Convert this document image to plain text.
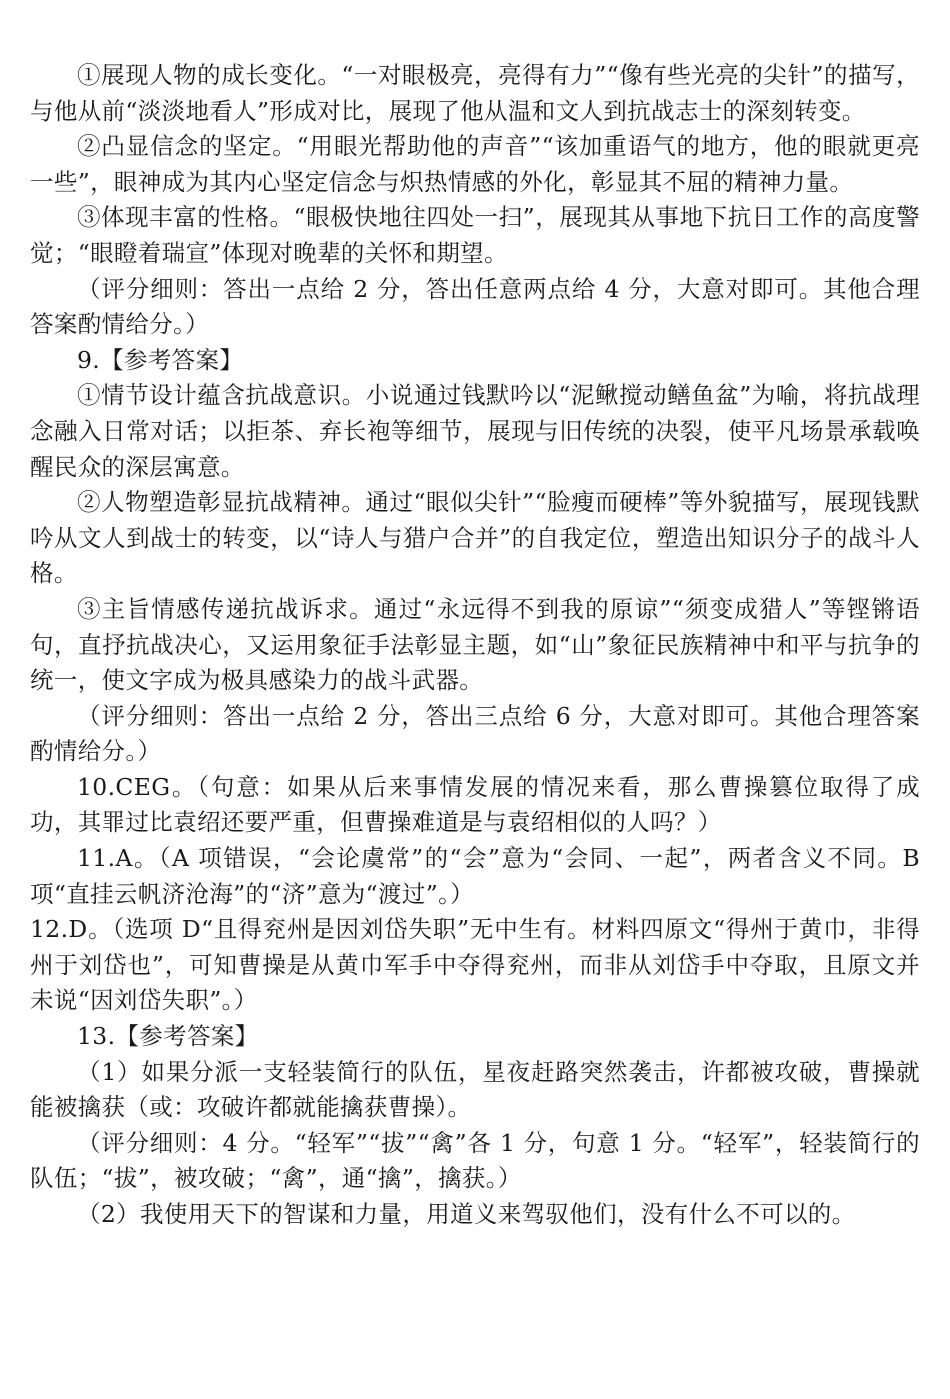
①展现人物的成长变化。“一对眼极亮，亮得有力”“像有些光亮的尖针”的描写，与他从前“淡淡地看人”形成对比，展现了他从温和文人到抗战志士的深刻转变。

②凸显信念的坚定。“用眼光帮助他的声音”“该加重语气的地方，他的眼就更亮一些”，眼神成为其内心坚定信念与炽热情感的外化，彰显其不屈的精神力量。

③体现丰富的性格。“眼极快地往四处一扫”，展现其从事地下抗日工作的高度警觉；“眼瞪着瑞宣”体现对晚辈的关怀和期望。

（评分细则：答出一点给 2 分，答出任意两点给 4 分，大意对即可。其他合理答案酌情给分。）

9.【参考答案】

①情节设计蕴含抗战意识。小说通过钱默吟以“泥鳅搅动鳝鱼盆”为喻，将抗战理念融入日常对话；以拒茶、弃长袍等细节，展现与旧传统的决裂，使平凡场景承载唤醒民众的深层寓意。

②人物塑造彰显抗战精神。通过“眼似尖针”“脸瘦而硬棒”等外貌描写，展现钱默吟从文人到战士的转变，以“诗人与猎户合并”的自我定位，塑造出知识分子的战斗人格。

③主旨情感传递抗战诉求。通过“永远得不到我的原谅”“须变成猎人”等铿锵语句，直抒抗战决心，又运用象征手法彰显主题，如“山”象征民族精神中和平与抗争的统一，使文字成为极具感染力的战斗武器。

（评分细则：答出一点给 2 分，答出三点给 6 分，大意对即可。其他合理答案酌情给分。）

10.CEG。（句意：如果从后来事情发展的情况来看，那么曹操篡位取得了成功，其罪过比袁绍还要严重，但曹操难道是与袁绍相似的人吗？）

11.A。（A 项错误，“会论虞常”的“会”意为“会同、一起”，两者含义不同。B 项“直挂云帆济沧海”的“济”意为“渡过”。）

12.D。（选项 D“且得兖州是因刘岱失职”无中生有。材料四原文“得州于黄巾，非得州于刘岱也”，可知曹操是从黄巾军手中夺得兖州，而非从刘岱手中夺取，且原文并未说“因刘岱失职”。）

13.【参考答案】

（1）如果分派一支轻装简行的队伍，星夜赶路突然袭击，许都被攻破，曹操就能被擒获（或：攻破许都就能擒获曹操）。

（评分细则：4 分。“轻军”“拔”“禽”各 1 分，句意 1 分。“轻军”，轻装简行的队伍；“拔”，被攻破；“禽”，通“擒”，擒获。）

（2）我使用天下的智谋和力量，用道义来驾驭他们，没有什么不可以的。
